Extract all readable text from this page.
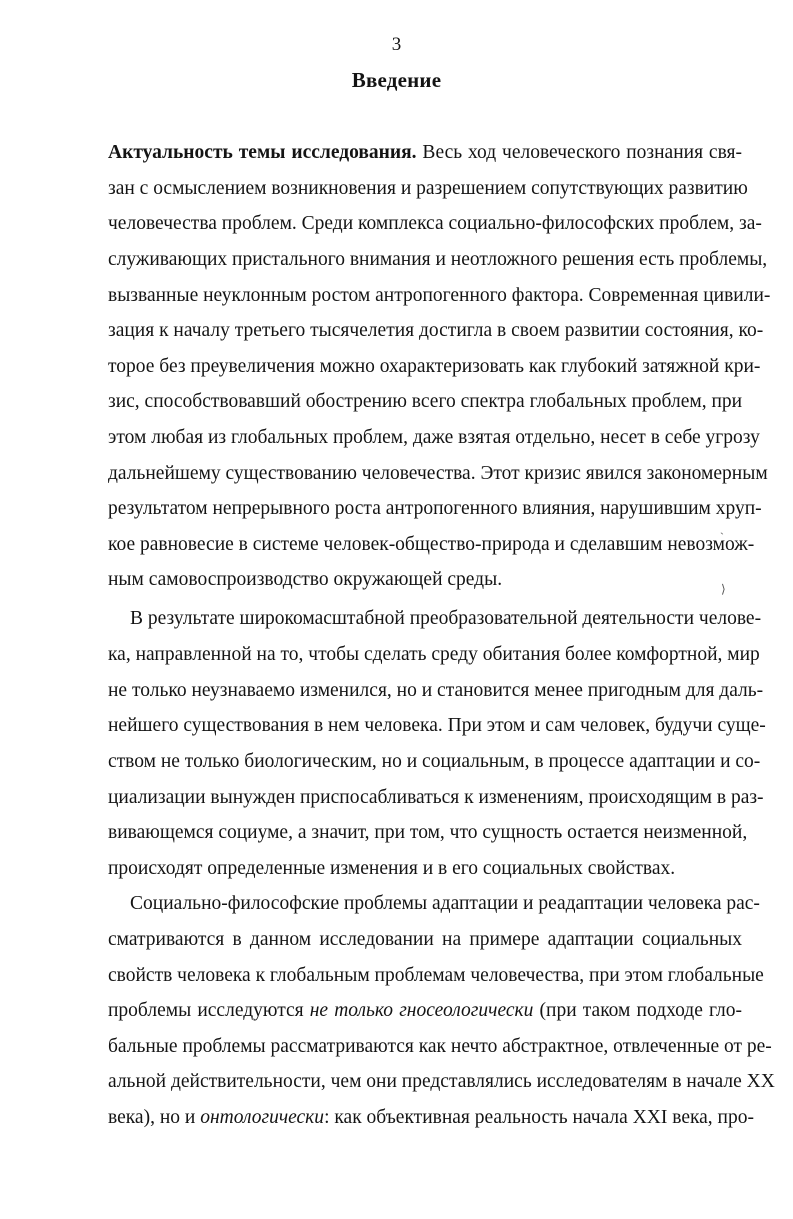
3
Введение
Актуальность темы исследования. Весь ход человеческого познания свя-
зан с осмыслением возникновения и разрешением сопутствующих развитию
человечества проблем. Среди комплекса социально-философских проблем, за-
служивающих пристального внимания и неотложного решения есть проблемы,
вызванные неуклонным ростом антропогенного фактора. Современная цивили-
зация к началу третьего тысячелетия достигла в своем развитии состояния, ко-
торое без преувеличения можно охарактеризовать как глубокий затяжной кри-
зис, способствовавший обострению всего спектра глобальных проблем, при
этом любая из глобальных проблем, даже взятая отдельно, несет в себе угрозу
дальнейшему существованию человечества. Этот кризис явился закономерным
результатом непрерывного роста антропогенного влияния, нарушившим хруп-
кое равновесие в системе человек-общество-природа и сделавшим невозмож-
ным самовоспроизводство окружающей среды.
ˎ
⟩
В результате широкомасштабной преобразовательной деятельности челове-
ка, направленной на то, чтобы сделать среду обитания более комфортной, мир
не только неузнаваемо изменился, но и становится менее пригодным для даль-
нейшего существования в нем человека. При этом и сам человек, будучи суще-
ством не только биологическим, но и социальным, в процессе адаптации и со-
циализации вынужден приспосабливаться к изменениям, происходящим в раз-
вивающемся социуме, а значит, при том, что сущность остается неизменной,
происходят определенные изменения и в его социальных свойствах.
Социально-философские проблемы адаптации и реадаптации человека рас-
сматриваются в данном исследовании на примере адаптации социальных
свойств человека к глобальным проблемам человечества, при этом глобальные
проблемы исследуются не только гносеологически (при таком подходе гло-
бальные проблемы рассматриваются как нечто абстрактное, отвлеченные от ре-
альной действительности, чем они представлялись исследователям в начале XX
века), но и онтологически: как объективная реальность начала XXI века, про-
